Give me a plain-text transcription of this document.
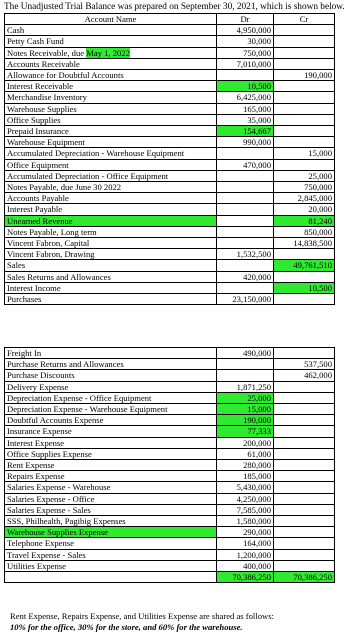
The Unadjusted Trial Balance was prepared on September 30, 2021, which is shown below.
Account Name	Dr	Cr
Cash	4,950,000	
Petty Cash Fund	30,000	
Notes Receivable, due May 1, 2022	750,000	
Accounts Receivable	7,010,000	
Allowance for Doubtful Accounts		190,000
Interest Receivable	10,500	
Merchandise Inventory	6,425,000	
Warehouse Supplies	165,000	
Office Supplies	35,000	
Prepaid Insurance	154,667	
Warehouse Equipment	990,000	
Accumulated Depreciation - Warehouse Equipment		15,000
Office Equipment	470,000	
Accumulated Depreciation - Office Equipment		25,000
Notes Payable, due June 30 2022		750,000
Accounts Payable		2,845,000
Interest Payable		20,000
Unearned Revenue		81,240
Notes Payable, Long term		850,000
Vincent Fabron, Capital		14,838,500
Vincent Fabron, Drawing	1,532,500	
Sales		49,761,510
Sales Returns and Allowances	420,000	
Interest Income		10,500
Purchases	23,150,000	
Freight In	490,000	
Purchase Returns and Allowances		537,500
Purchase Discounts		462,000
Delivery Expense	1,871,250	
Depreciation Expense - Office Equipment	25,000	
Depreciation Expense - Warehouse Equipment	15,000	
Doubtful Accounts Expense	190,000	
Insurance Expense	77,333	
Interest Expense	200,000	
Office Supplies Expense	61,000	
Rent Expense	280,000	
Repairs Expense	185,000	
Salaries Expense - Warehouse	5,430,000	
Salaries Expense - Office	4,250,000	
Salaries Expense - Sales	7,585,000	
SSS, Philhealth, Pagibig Expenses	1,580,000	
Warehouse Supplies Expense	290,000	
Telephone Expense	164,000	
Travel Expense - Sales	1,200,000	
Utilities Expense	400,000	
	70,386,250	70,386,250
Rent Expense, Repairs Expense, and Utilities Expense are shared as follows:
10% for the office, 30% for the store, and 60% for the warehouse.
